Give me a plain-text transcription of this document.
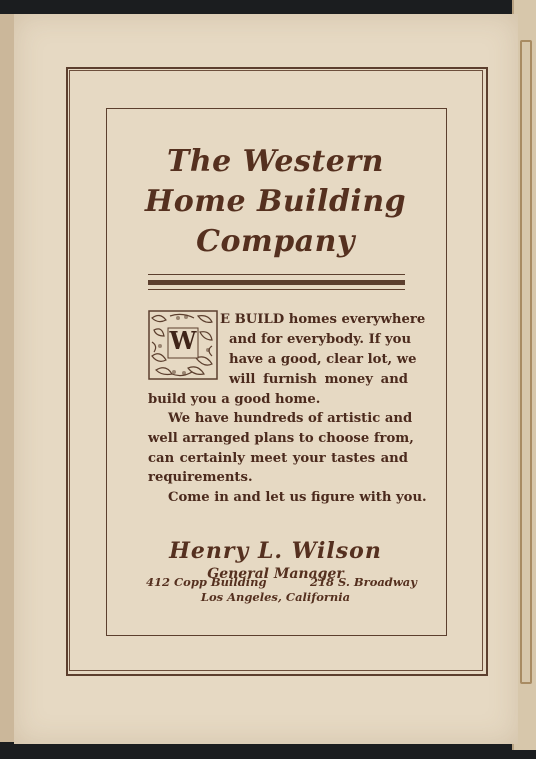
The Western
Home Building
Company
W
E BUILD homes everywhere
and for everybody. If you
have a good, clear lot, we
will furnish money and
build you a good home.
We have hundreds of artistic and
well arranged plans to choose from,
can certainly meet your tastes and
requirements.
Come in and let us figure with you.
Henry L. Wilson
General Manager
412 Copp Building	218 S. Broadway
Los Angeles, California
